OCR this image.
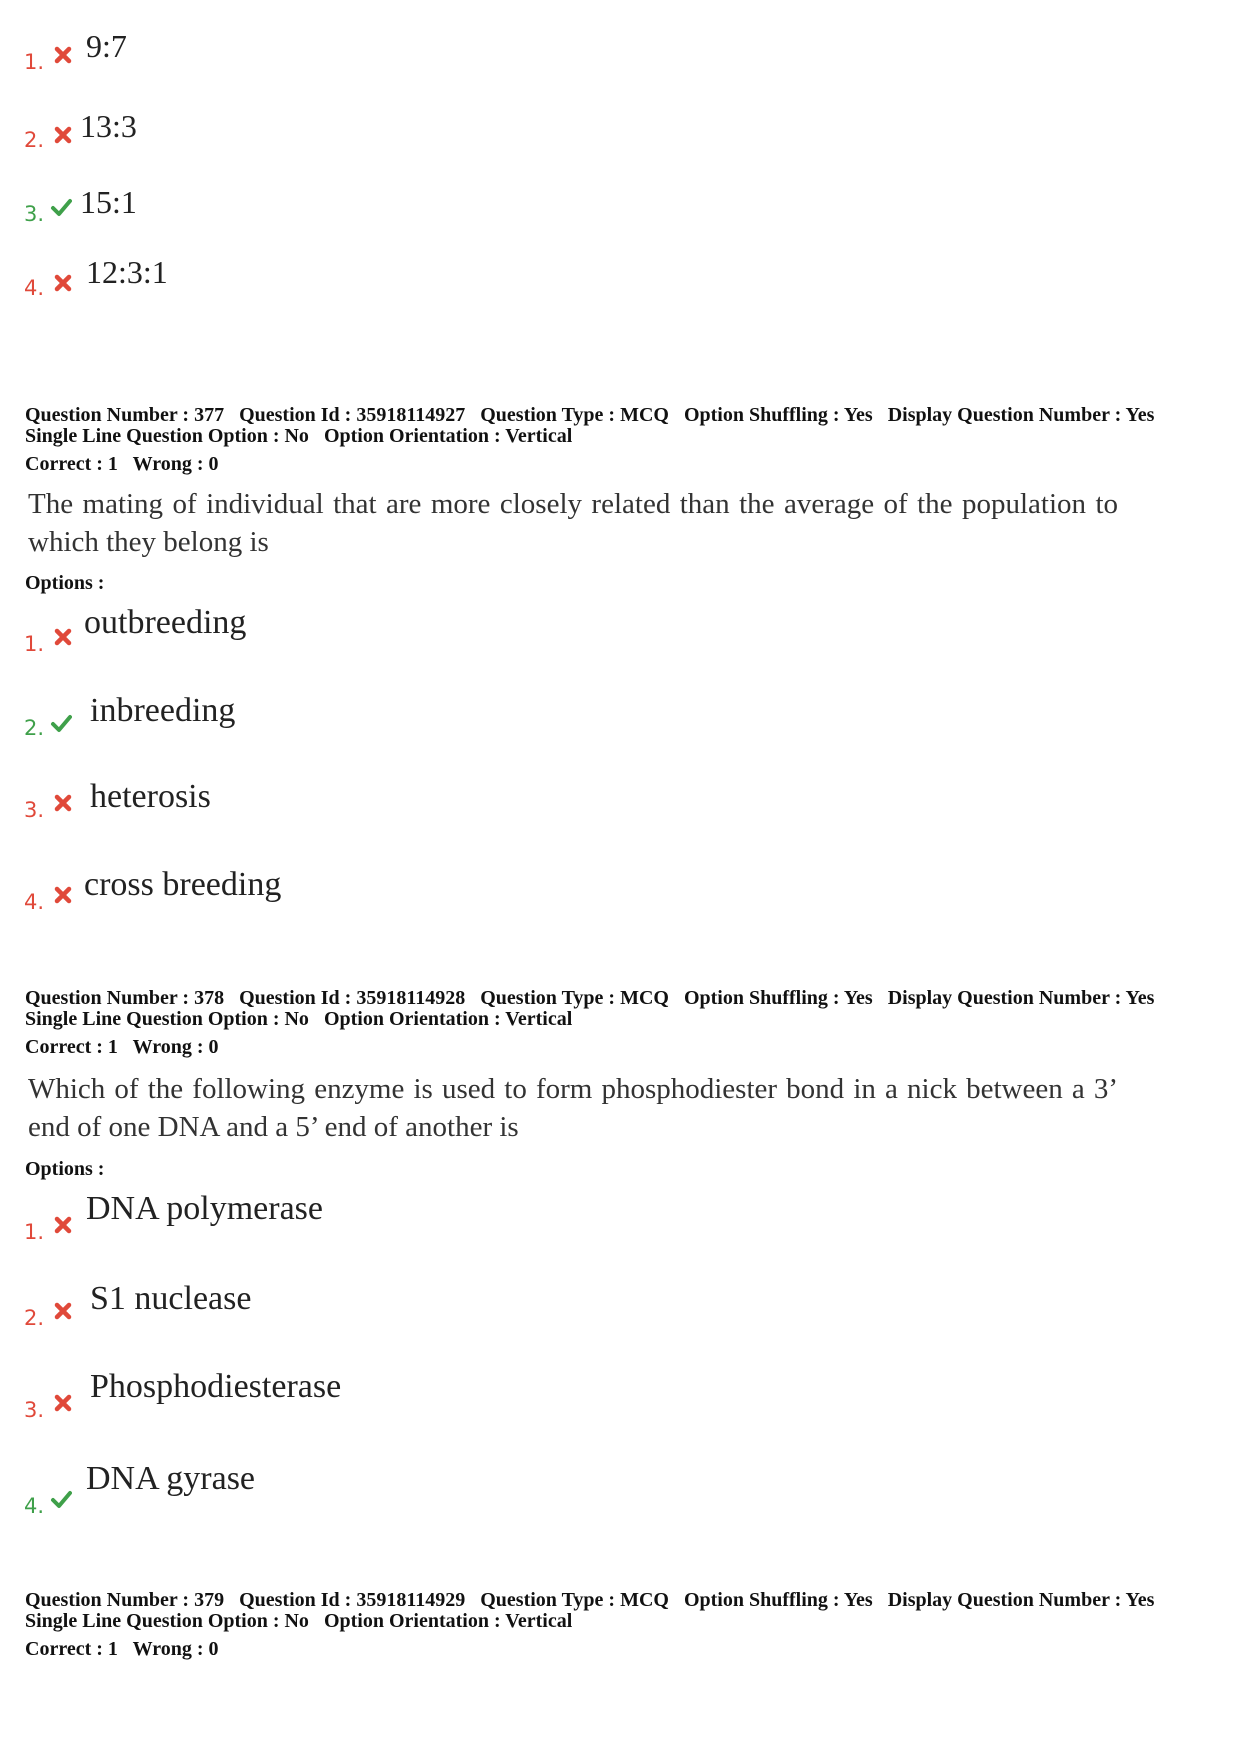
1. 9:7
2. 13:3
3. 15:1
4. 12:3:1
Question Number : 377 Question Id : 35918114927 Question Type : MCQ Option Shuffling : Yes Display Question Number : Yes
Single Line Question Option : No Option Orientation : Vertical
Correct : 1 Wrong : 0
The mating of individual that are more closely related than the average of the population to which they belong is
Options :
1.
outbreeding
2. inbreeding
3. heterosis
4. cross breeding
Question Number : 378 Question Id : 35918114928 Question Type : MCQ Option Shuffling : Yes Display Question Number : Yes
Single Line Question Option : No Option Orientation : Vertical
Correct : 1 Wrong : 0
Which of the following enzyme is used to form phosphodiester bond in a nick between a 3’ end of one DNA and a 5’ end of another is
Options :
1.
DNA polymerase
2.
S1 nuclease
3.
Phosphodiesterase
4.
DNA gyrase
Question Number : 379 Question Id : 35918114929 Question Type : MCQ Option Shuffling : Yes Display Question Number : Yes
Single Line Question Option : No Option Orientation : Vertical
Correct : 1 Wrong : 0
